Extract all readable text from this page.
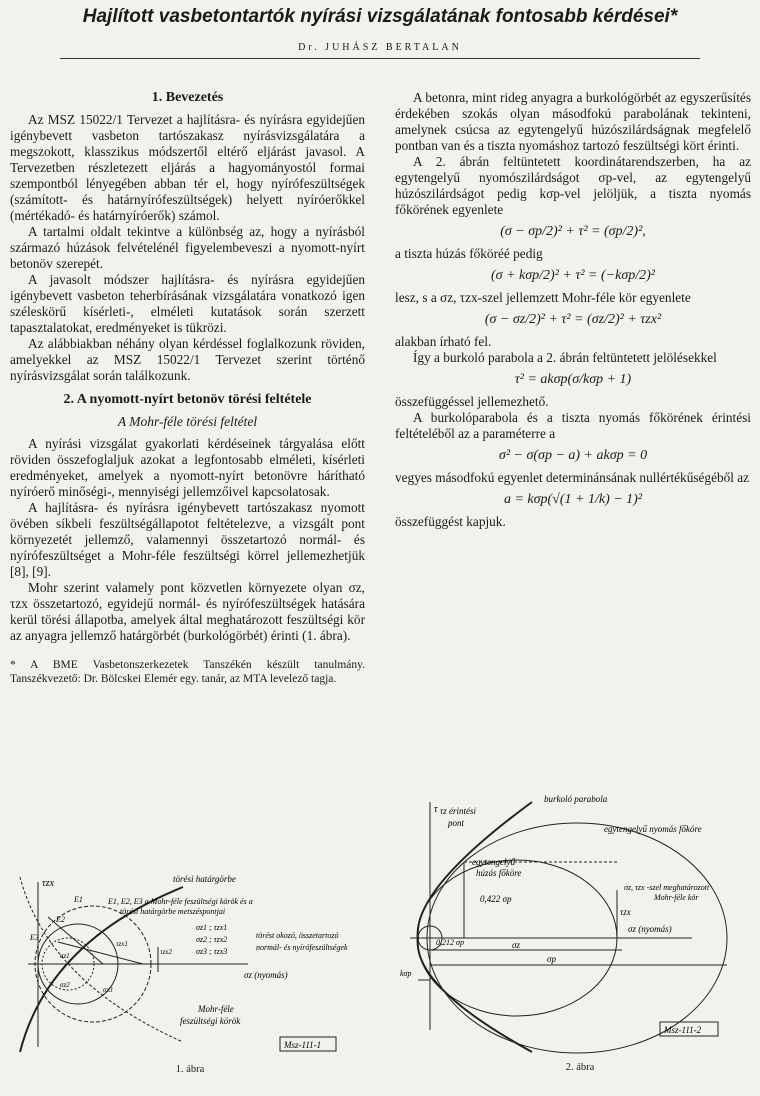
Hajlított vasbetontartók nyírási vizsgálatának fontosabb kérdései*
Dr. JUHÁSZ BERTALAN
1. Bevezetés

Az MSZ 15022/1 Tervezet a hajlításra- és nyírásra egyidejűen igénybevett vasbeton tartószakasz nyírásvizsgálatára a megszokott, klasszikus módszertől eltérő eljárást javasol. A Tervezetben részletezett eljárás a hagyományostól formai szempontból lényegében abban tér el, hogy nyírófeszültségek (számított- és határnyírófeszültségek) helyett nyíróerőkkel (mértékadó- és határnyíróerők) számol.

A tartalmi oldalt tekintve a különbség az, hogy a nyírásból származó húzások felvételénél figyelembeveszi a nyomott-nyírt betonöv szerepét.

A javasolt módszer hajlításra- és nyírásra egyidejűen igénybevett vasbeton teherbírásának vizsgálatára vonatkozó igen széleskörű kísérleti-, elméleti kutatások során szerzett tapasztalatokat, eredményeket is tükrözi.

Az alábbiakban néhány olyan kérdéssel foglalkozunk röviden, amelyekkel az MSZ 15022/1 Tervezet szerint történő nyírásvizsgálat során találkozunk.

2. A nyomott-nyírt betonöv törési feltétele
A Mohr-féle törési feltétel

A nyírási vizsgálat gyakorlati kérdéseinek tárgyalása előtt röviden összefoglaljuk azokat a legfontosabb elméleti, kísérleti eredményeket, amelyek a nyomott-nyírt betonövre hárítható nyíróerő minőségi-, mennyiségi jellemzőivel kapcsolatosak.

A hajlításra- és nyírásra igénybevett tartószakasz nyomott övében síkbeli feszültségállapotot feltételezve, a vizsgált pont környezetét jellemző, valamennyi összetartozó normál- és nyírófeszültséget a Mohr-féle feszültségi körrel jellemezhetjük [8], [9].

Mohr szerint valamely pont közvetlen környezete olyan σz, τzx összetartozó, egyidejű normál- és nyírófeszültségek hatására kerül törési állapotba, amelyek által meghatározott feszültségi kör az anyagra jellemző határgörbét (burkológörbét) érinti (1. ábra).

* A BME Vasbetonszerkezetek Tanszékén készült tanulmány. Tanszékvezető: Dr. Bölcskei Elemér egy. tanár, az MTA levelező tagja.

A betonra, mint rideg anyagra a burkológörbét az egyszerűsítés érdekében szokás olyan másodfokú parabolának tekinteni, amelynek csúcsa az egytengelyű húzószilárdságnak megfelelő pontban van és a tiszta nyomáshoz tartozó feszültségi kört érinti.

A 2. ábrán feltüntetett koordinátarendszerben, ha az egytengelyű nyomószilárdságot σp-vel, az egytengelyű húzószilárdságot pedig kσp-vel jelöljük, a tiszta nyomás főkörének egyenlete

(σ − σp/2)² + τ² = (σp/2)²,

a tiszta húzás főköréé pedig

(σ + kσp/2)² + τ² = (−kσp/2)²

lesz, s a σz, τzx-szel jellemzett Mohr-féle kör egyenlete

(σ − σz/2)² + τ² = (σz/2)² + τzx²

alakban írható fel.

Így a burkoló parabola a 2. ábrán feltüntetett jelölésekkel

τ² = akσp(σ/kσp + 1)

összefüggéssel jellemezhető.

A burkolóparabola és a tiszta nyomás főkörének érintési feltételéből az a paraméterre a

σ² − σ(σp − a) + akσp = 0

vegyes másodfokú egyenlet determinánsának nullértékűségéből az

a = kσp(√(1 + 1/k) − 1)²

összefüggést kapjuk.

τzx	törési határgörbe
E1, E2, E3 a Mohr-féle feszültségi körök és a
törési határgörbe metszéspontjai
σz1 ; τzx1
σz2 ; τzx2
σz3 ; τzx3
törést okozó, összetartozó
normál- és nyírófeszültségek
σz (nyomás)
Mohr-féle
feszültségi körök
E1
E2
E3
σz1
σz2
σz3
τzx1
τzx2
Msz-111-1
1. ábra
τ τz érintési
pont
burkoló parabola
egytengelyű nyomás főköre
egytengelyű
húzás főköre
0,422 σp
0,212 σp	σz
σp
τzx
kσp
σz, τzx -szel meghatározott
Mohr-féle kör
σz (nyomás)
Msz-111-2
2. ábra
